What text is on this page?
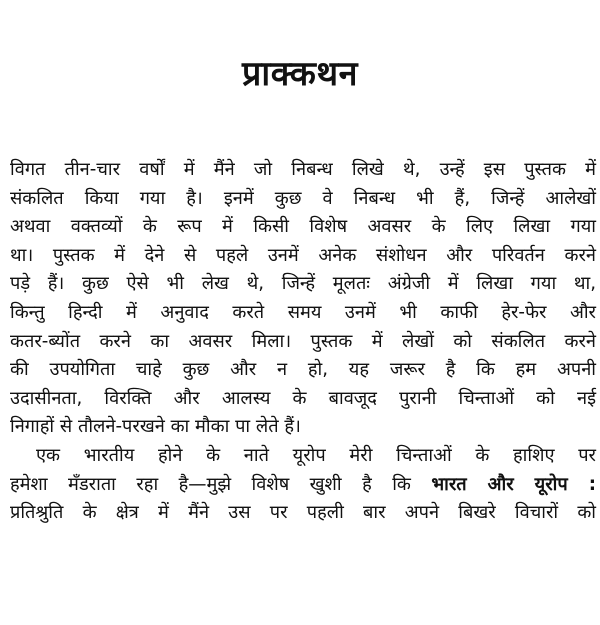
प्राक्कथन
विगत तीन-चार वर्षों में मैंने जो निबन्ध लिखे थे, उन्हें इस पुस्तक में
संकलित किया गया है। इनमें कुछ वे निबन्ध भी हैं, जिन्हें आलेखों
अथवा वक्तव्यों के रूप में किसी विशेष अवसर के लिए लिखा गया
था। पुस्तक में देने से पहले उनमें अनेक संशोधन और परिवर्तन करने
पड़े हैं। कुछ ऐसे भी लेख थे, जिन्हें मूलतः अंग्रेजी में लिखा गया था,
किन्तु हिन्दी में अनुवाद करते समय उनमें भी काफी हेर-फेर और
कतर-ब्योंत करने का अवसर मिला। पुस्तक में लेखों को संकलित करने
की उपयोगिता चाहे कुछ और न हो, यह जरूर है कि हम अपनी
उदासीनता, विरक्ति और आलस्य के बावजूद पुरानी चिन्ताओं को नई
निगाहों से तौलने-परखने का मौका पा लेते हैं।
एक भारतीय होने के नाते यूरोप मेरी चिन्ताओं के हाशिए पर
हमेशा मँडराता रहा है—मुझे विशेष खुशी है कि भारत और यूरोप :
प्रतिश्रुति के क्षेत्र में मैंने उस पर पहली बार अपने बिखरे विचारों को
